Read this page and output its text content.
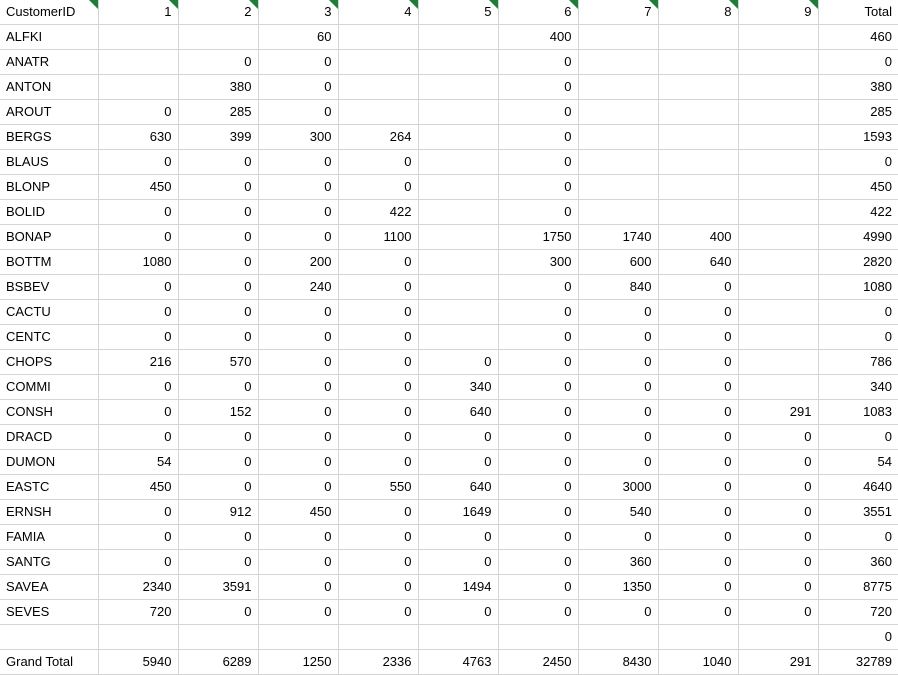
CustomerID	1	2	3	4	5	6	7	8	9	Total
ALFKI			60			400				460
ANATR		0	0			0				0
ANTON		380	0			0				380
AROUT	0	285	0			0				285
BERGS	630	399	300	264		0				1593
BLAUS	0	0	0	0		0				0
BLONP	450	0	0	0		0				450
BOLID	0	0	0	422		0				422
BONAP	0	0	0	1100		1750	1740	400		4990
BOTTM	1080	0	200	0		300	600	640		2820
BSBEV	0	0	240	0		0	840	0		1080
CACTU	0	0	0	0		0	0	0		0
CENTC	0	0	0	0		0	0	0		0
CHOPS	216	570	0	0	0	0	0	0		786
COMMI	0	0	0	0	340	0	0	0		340
CONSH	0	152	0	0	640	0	0	0	291	1083
DRACD	0	0	0	0	0	0	0	0	0	0
DUMON	54	0	0	0	0	0	0	0	0	54
EASTC	450	0	0	550	640	0	3000	0	0	4640
ERNSH	0	912	450	0	1649	0	540	0	0	3551
FAMIA	0	0	0	0	0	0	0	0	0	0
SANTG	0	0	0	0	0	0	360	0	0	360
SAVEA	2340	3591	0	0	1494	0	1350	0	0	8775
SEVES	720	0	0	0	0	0	0	0	0	720
										0
Grand Total	5940	6289	1250	2336	4763	2450	8430	1040	291	32789
